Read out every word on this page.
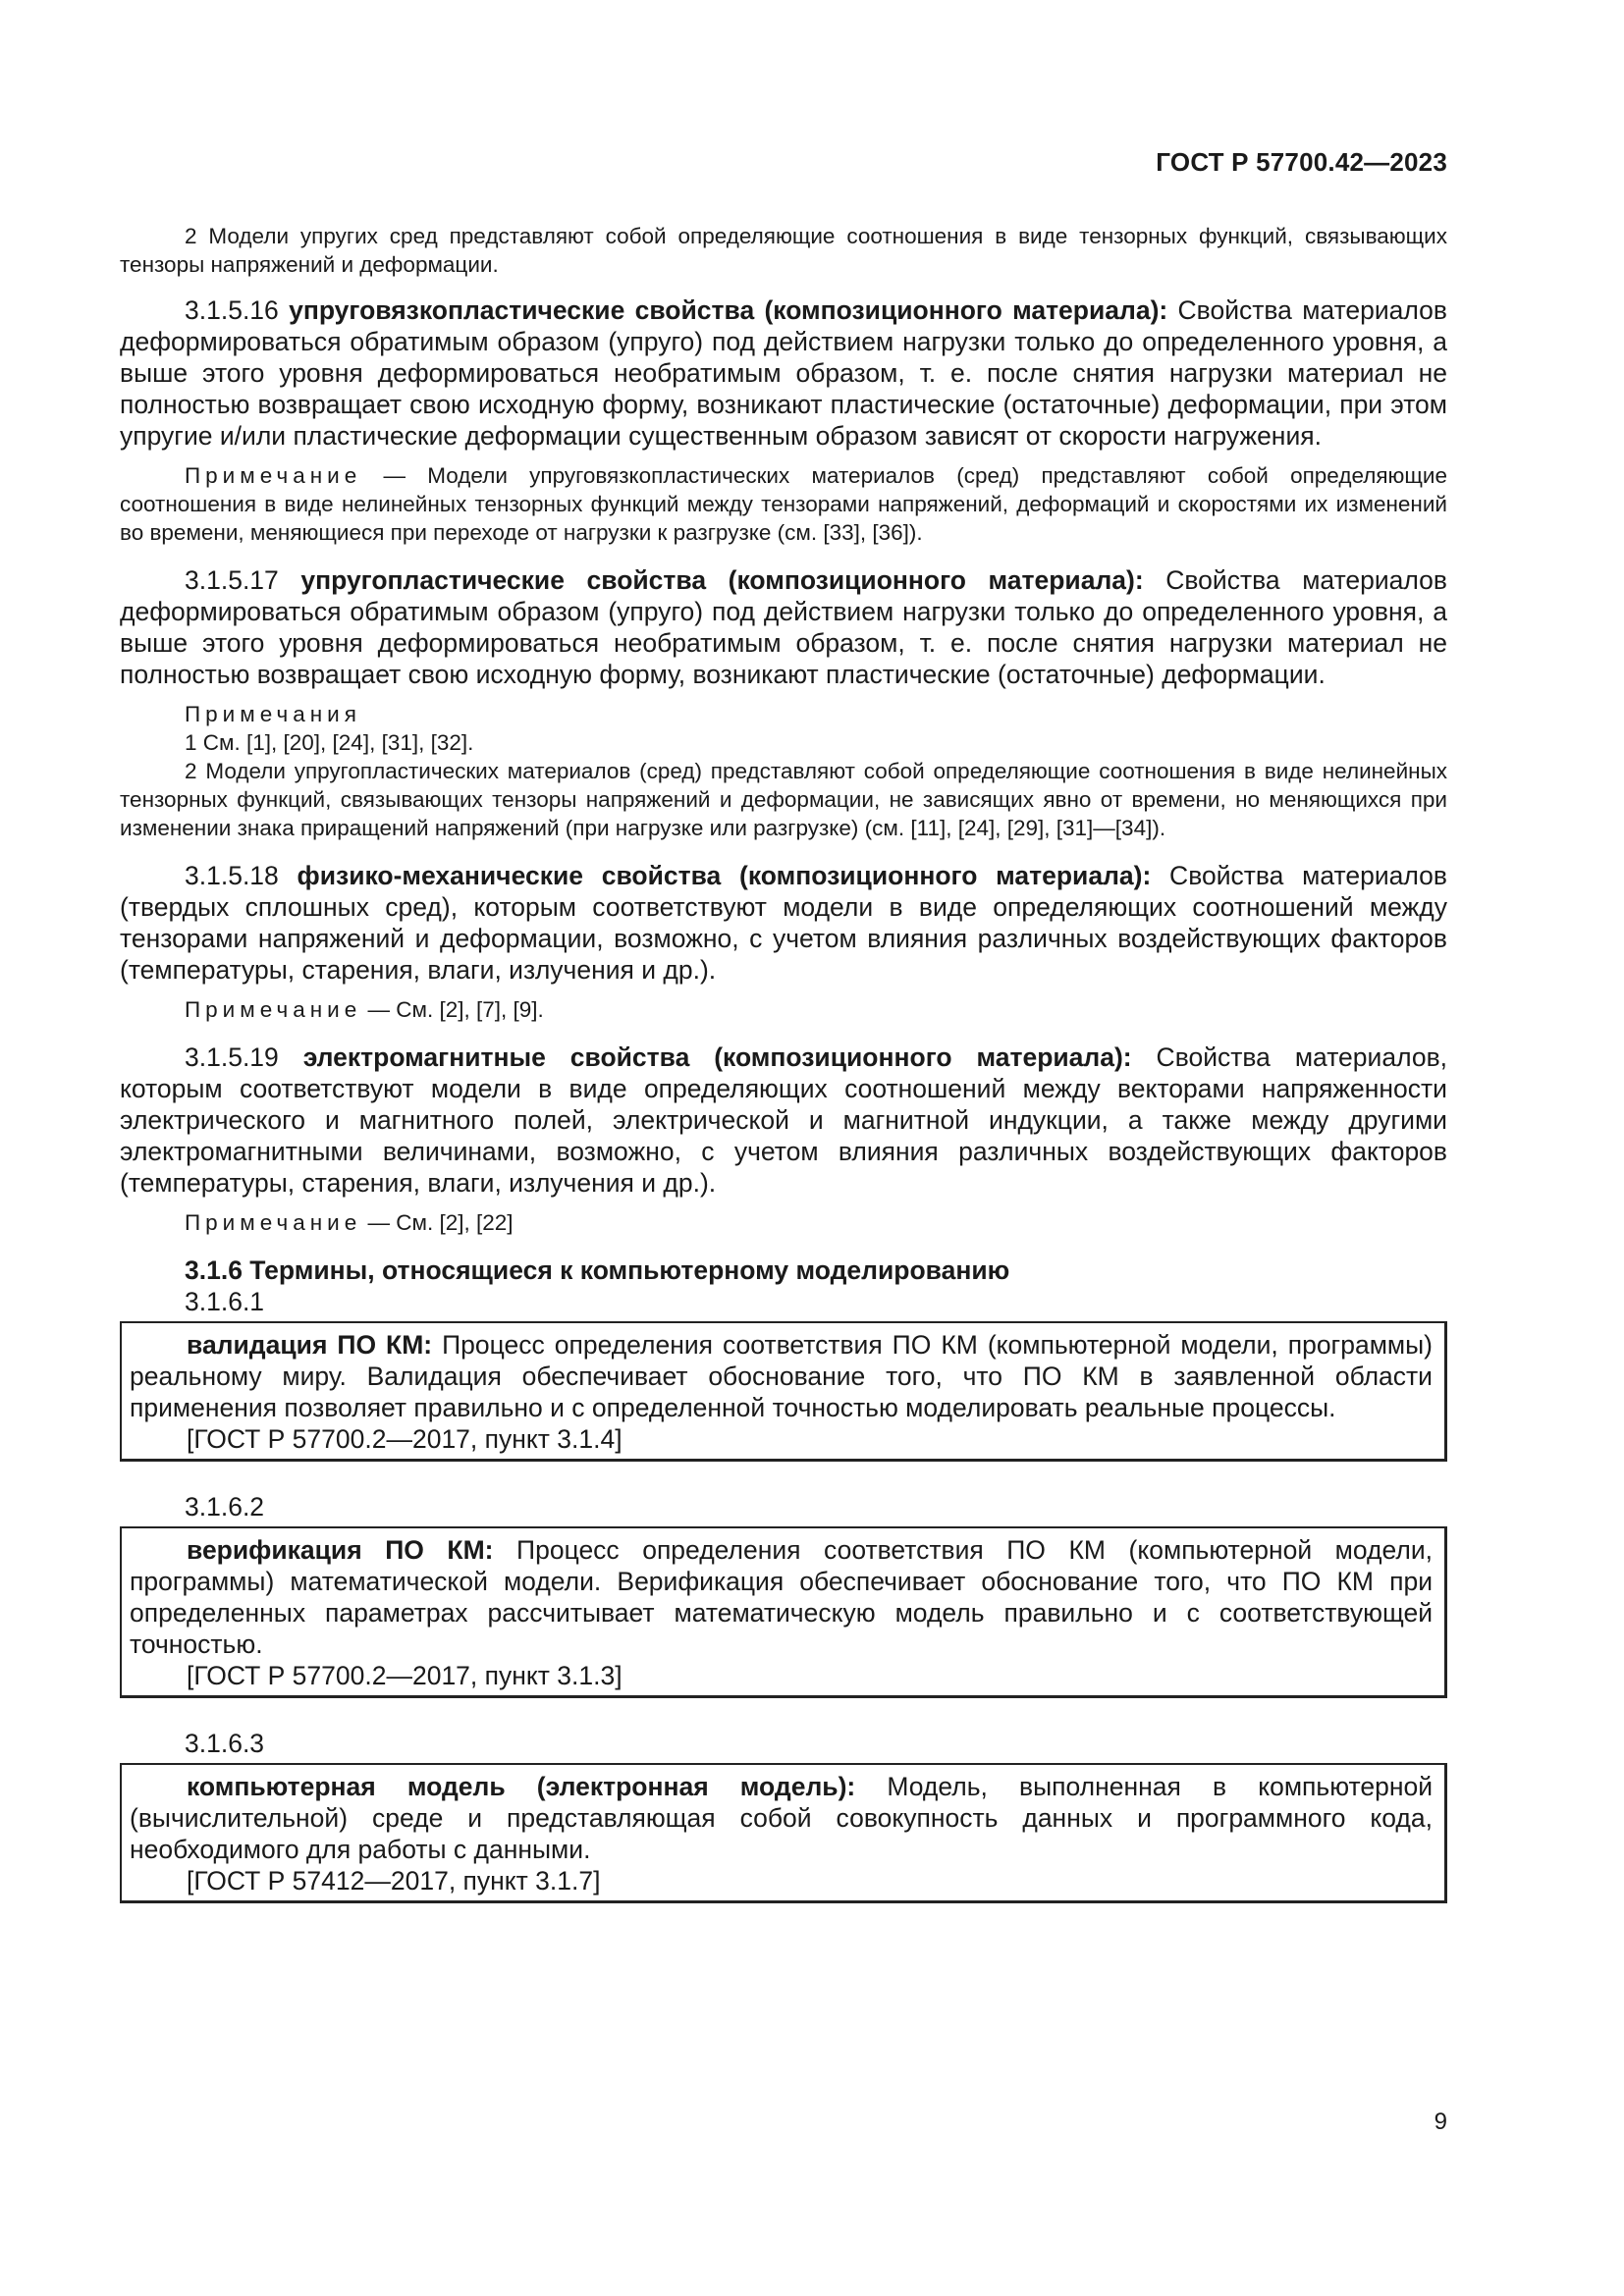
ГОСТ Р 57700.42—2023

2 Модели упругих сред представляют собой определяющие соотношения в виде тензорных функций, связывающих тензоры напряжений и деформации.

3.1.5.16 упруговязкопластические свойства (композиционного материала): Свойства материалов деформироваться обратимым образом (упруго) под действием нагрузки только до определенного уровня, а выше этого уровня деформироваться необратимым образом, т. е. после снятия нагрузки материал не полностью возвращает свою исходную форму, возникают пластические (остаточные) деформации, при этом упругие и/или пластические деформации существенным образом зависят от скорости нагружения.

Примечание — Модели упруговязкопластических материалов (сред) представляют собой определяющие соотношения в виде нелинейных тензорных функций между тензорами напряжений, деформаций и скоростями их изменений во времени, меняющиеся при переходе от нагрузки к разгрузке (см. [33], [36]).

3.1.5.17 упругопластические свойства (композиционного материала): Свойства материалов деформироваться обратимым образом (упруго) под действием нагрузки только до определенного уровня, а выше этого уровня деформироваться необратимым образом, т. е. после снятия нагрузки материал не полностью возвращает свою исходную форму, возникают пластические (остаточные) деформации.

Примечания

1 См. [1], [20], [24], [31], [32].

2 Модели упругопластических материалов (сред) представляют собой определяющие соотношения в виде нелинейных тензорных функций, связывающих тензоры напряжений и деформации, не зависящих явно от времени, но меняющихся при изменении знака приращений напряжений (при нагрузке или разгрузке) (см. [11], [24], [29], [31]—[34]).

3.1.5.18 физико-механические свойства (композиционного материала): Свойства материалов (твердых сплошных сред), которым соответствуют модели в виде определяющих соотношений между тензорами напряжений и деформации, возможно, с учетом влияния различных воздействующих факторов (температуры, старения, влаги, излучения и др.).

Примечание — См. [2], [7], [9].

3.1.5.19 электромагнитные свойства (композиционного материала): Свойства материалов, которым соответствуют модели в виде определяющих соотношений между векторами напряженности электрического и магнитного полей, электрической и магнитной индукции, а также между другими электромагнитными величинами, возможно, с учетом влияния различных воздействующих факторов (температуры, старения, влаги, излучения и др.).

Примечание — См. [2], [22]

3.1.6 Термины, относящиеся к компьютерному моделированию

3.1.6.1

валидация ПО КМ: Процесс определения соответствия ПО КМ (компьютерной модели, программы) реальному миру. Валидация обеспечивает обоснование того, что ПО КМ в заявленной области применения позволяет правильно и с определенной точностью моделировать реальные процессы.

[ГОСТ Р 57700.2—2017, пункт 3.1.4]

3.1.6.2

верификация ПО КМ: Процесс определения соответствия ПО КМ (компьютерной модели, программы) математической модели. Верификация обеспечивает обоснование того, что ПО КМ при определенных параметрах рассчитывает математическую модель правильно и с соответствующей точностью.

[ГОСТ Р 57700.2—2017, пункт 3.1.3]

3.1.6.3

компьютерная модель (электронная модель): Модель, выполненная в компьютерной (вычислительной) среде и представляющая собой совокупность данных и программного кода, необходимого для работы с данными.

[ГОСТ Р 57412—2017, пункт 3.1.7]

9
